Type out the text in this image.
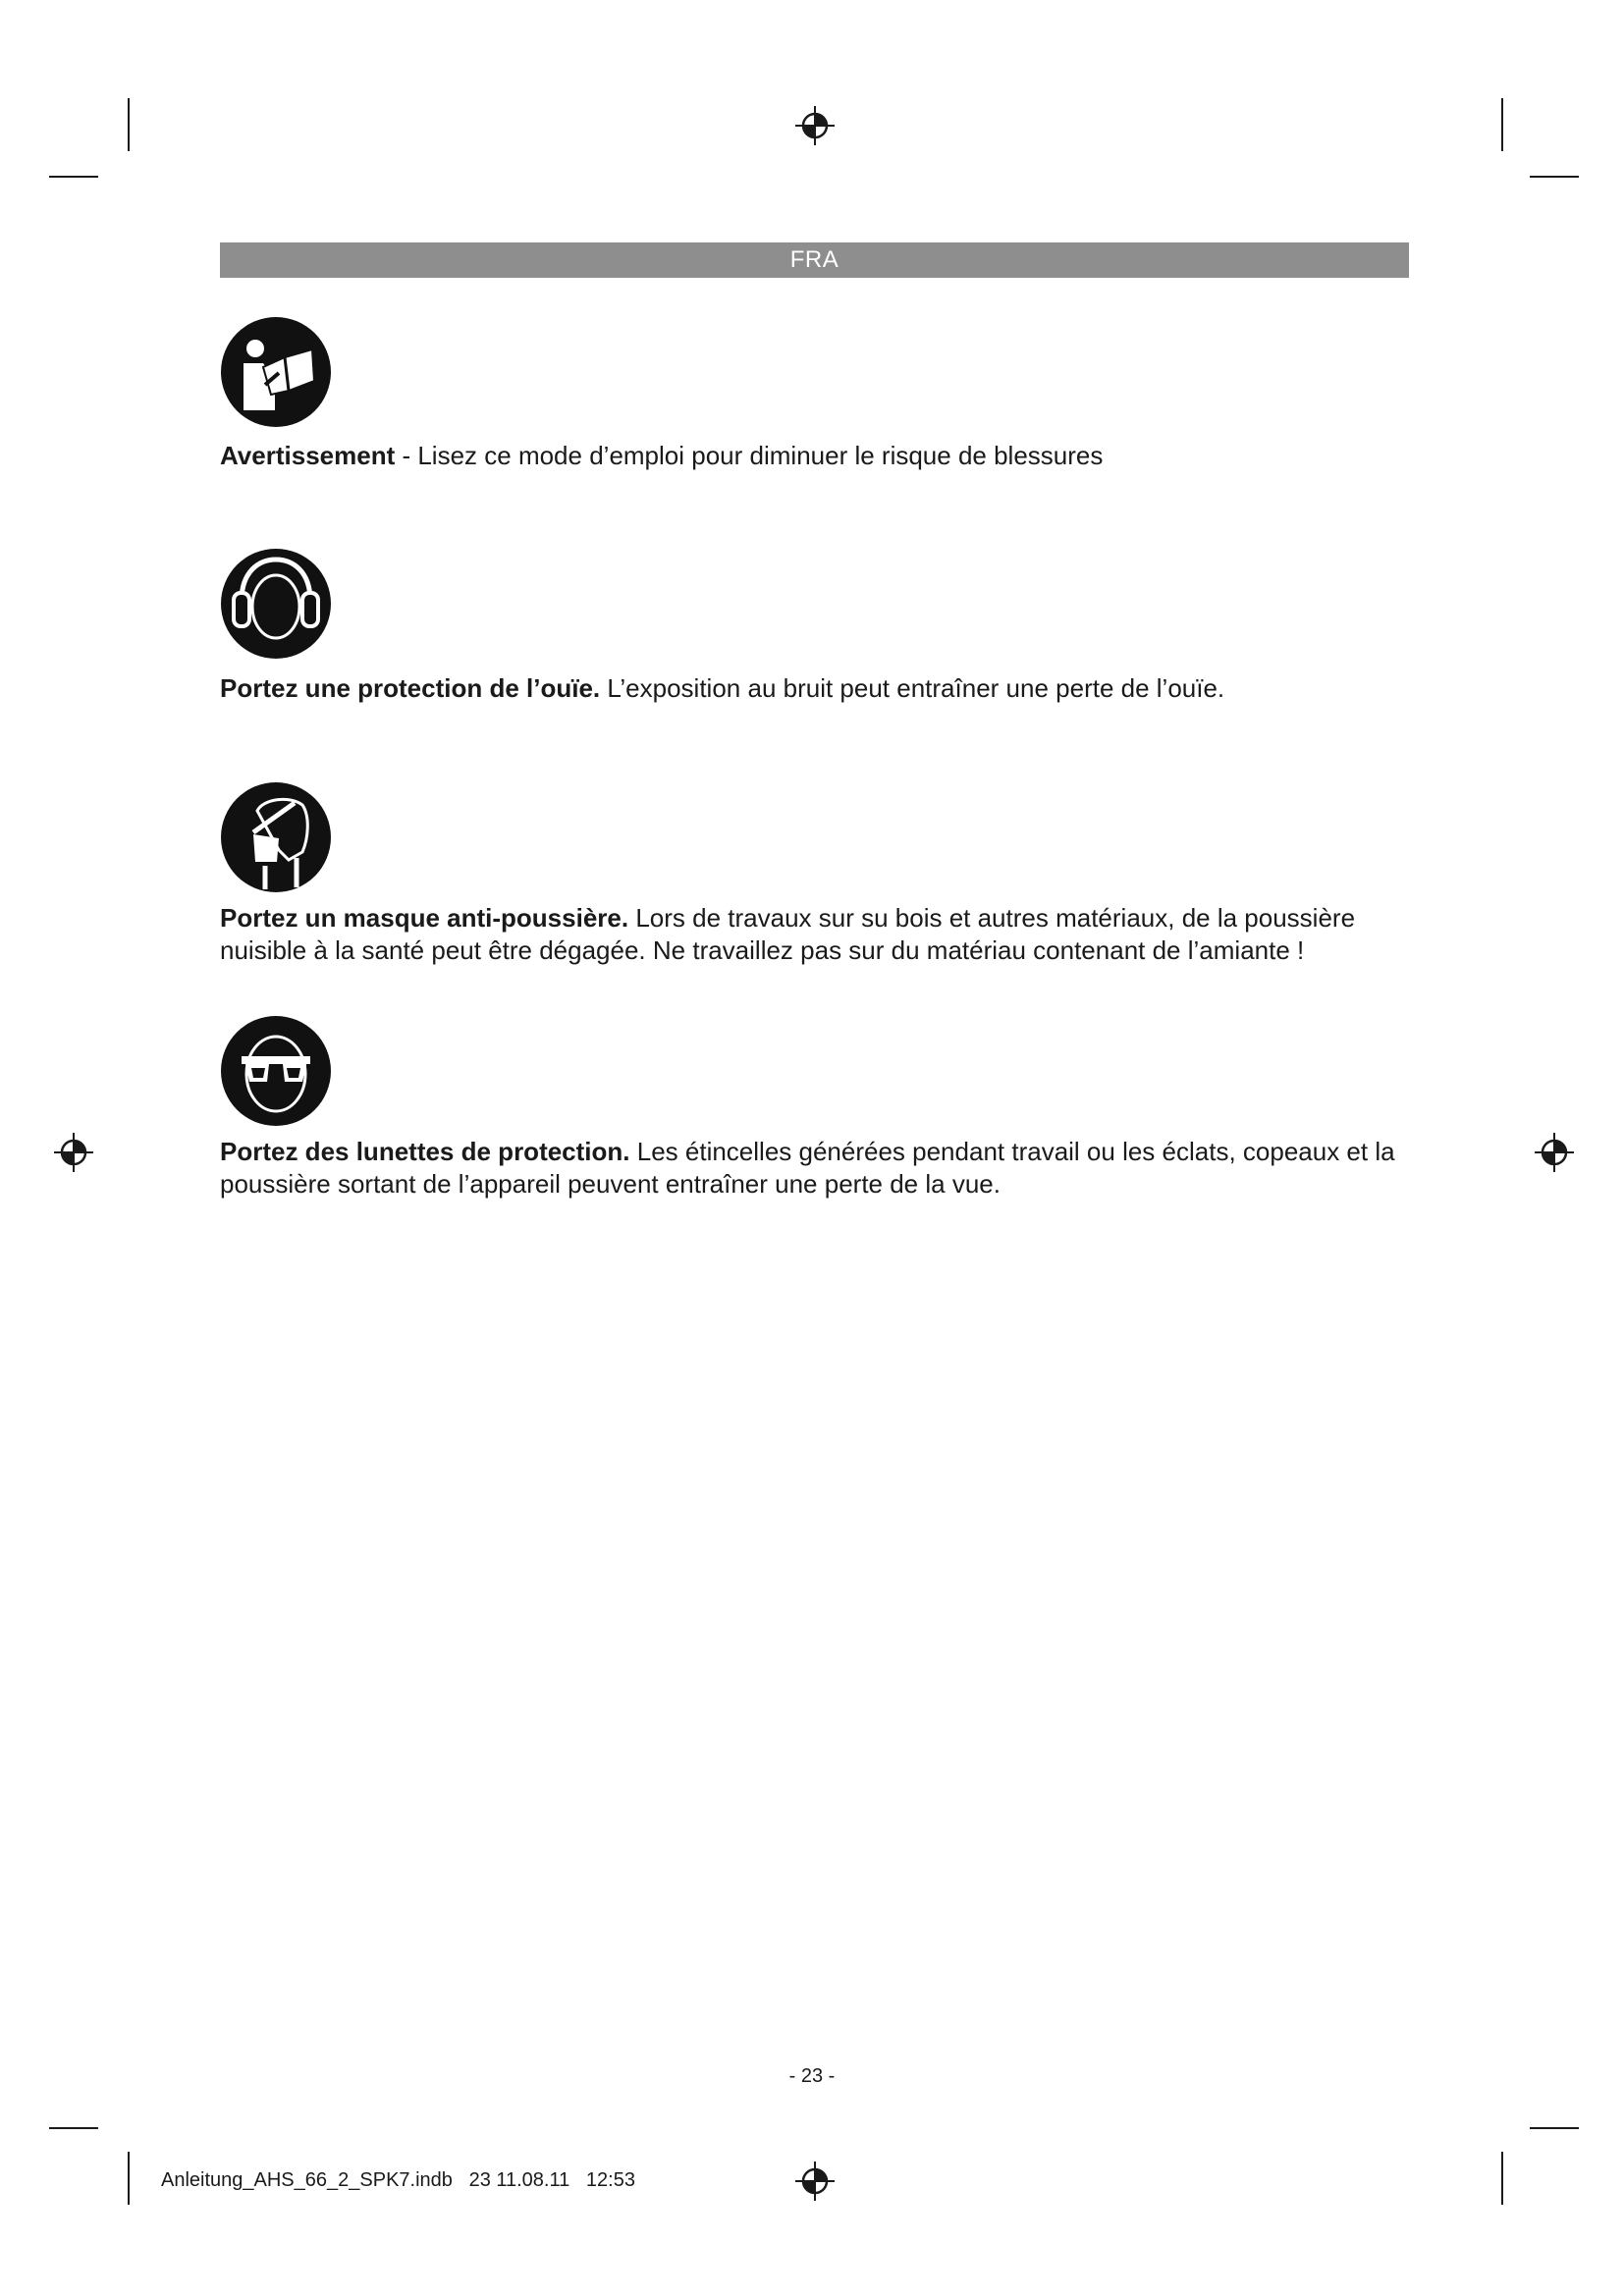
FRA

Avertissement - Lisez ce mode d’emploi pour diminuer le risque de blessures

Portez une protection de l’ouïe. L’exposition au bruit peut entraîner une perte de l’ouïe.

Portez un masque anti-poussière. Lors de travaux sur su bois et autres matériaux, de la poussière nuisible à la santé peut être dégagée. Ne travaillez pas sur du matériau contenant de l’amiante !

Portez des lunettes de protection. Les étincelles générées pendant travail ou les éclats, copeaux et la poussière sortant de l’appareil peuvent entraîner une perte de la vue.

- 23 -
Anleitung_AHS_66_2_SPK7.indb   23 11.08.11   12:53
